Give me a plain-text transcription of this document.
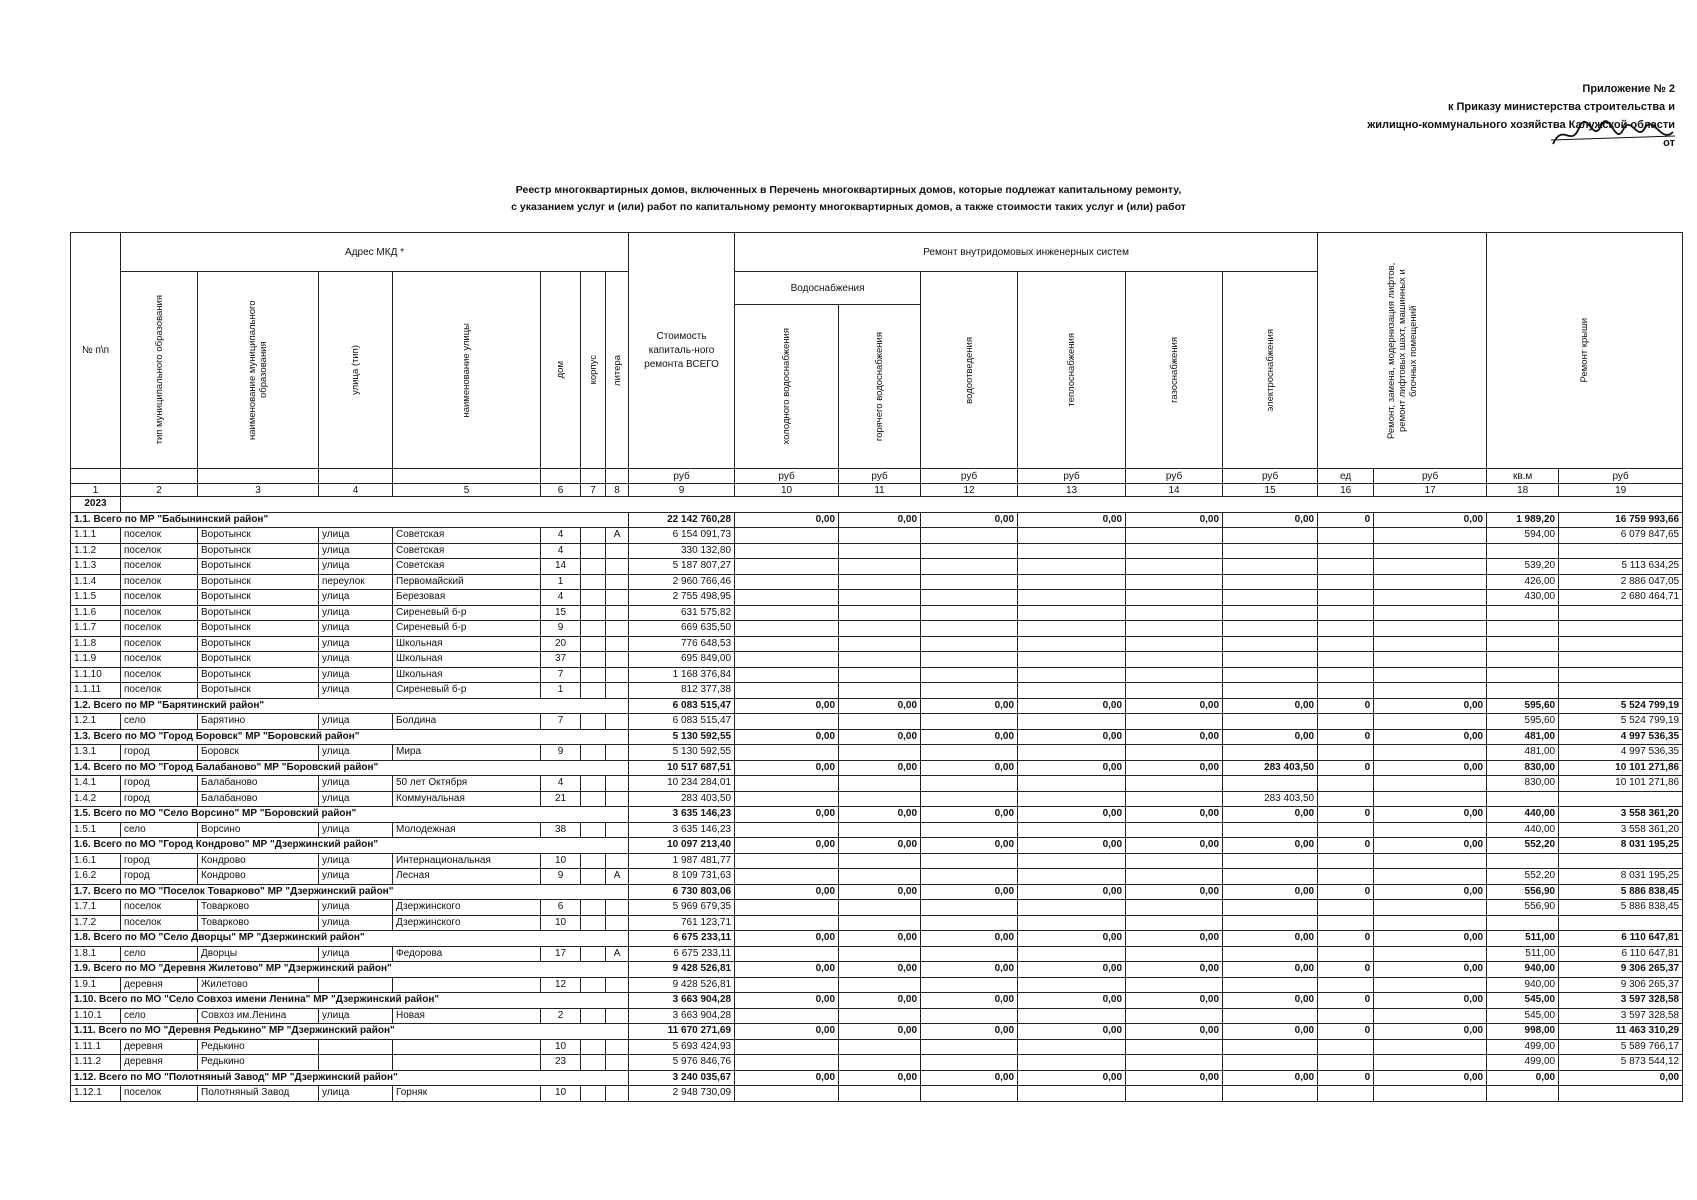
Приложение № 2
к Приказу министерства строительства и
жилищно-коммунального хозяйства Калужской области
от
Реестр многоквартирных домов, включенных в Перечень многоквартирных домов, которые подлежат капитальному ремонту,
с указанием услуг и (или) работ по капитальному ремонту многоквартирных домов, а также стоимости таких услуг и (или) работ
№ п\п	Адрес МКД *							Стоимость капиталь-ного ремонта ВСЕГО	Ремонт внутридомовых инженерных систем						Ремонт, замена, модернизация лифтов, ремонт лифтовых шахт, машинных и блочных помещений		Ремонт крыши	

	тип муниципального образования	наименование муниципального образования	улица (тип)	наименование улицы	дом	корпус	литера		Водоснабжения		водоотведения	теплоснабжения	газоснабжения	электроснабжения				

									холодного водоснабжения	горячего водоснабжения								

								руб	руб	руб	руб	руб	руб	руб	ед	руб	кв.м	руб
1	2	3	4	5	6	7	8	9	10	11	12	13	14	15	16	17	18	19
2023																		
1.1. Всего по МР "Бабынинский район"								22 142 760,28	0,00	0,00	0,00	0,00	0,00	0,00	0	0,00	1 989,20	16 759 993,66
1.1.1	поселок	Воротынск	улица	Советская	4		А	6 154 091,73									594,00	6 079 847,65
1.1.2	поселок	Воротынск	улица	Советская	4			330 132,80										
1.1.3	поселок	Воротынск	улица	Советская	14			5 187 807,27									539,20	5 113 634,25
1.1.4	поселок	Воротынск	переулок	Первомайский	1			2 960 766,46									426,00	2 886 047,05
1.1.5	поселок	Воротынск	улица	Березовая	4			2 755 498,95									430,00	2 680 464,71
1.1.6	поселок	Воротынск	улица	Сиреневый б-р	15			631 575,82										
1.1.7	поселок	Воротынск	улица	Сиреневый б-р	9			669 635,50										
1.1.8	поселок	Воротынск	улица	Школьная	20			776 648,53										
1.1.9	поселок	Воротынск	улица	Школьная	37			695 849,00										
1.1.10	поселок	Воротынск	улица	Школьная	7			1 168 376,84										
1.1.11	поселок	Воротынск	улица	Сиреневый б-р	1			812 377,38										
1.2. Всего по МР "Барятинский район"								6 083 515,47	0,00	0,00	0,00	0,00	0,00	0,00	0	0,00	595,60	5 524 799,19
1.2.1	село	Барятино	улица	Болдина	7			6 083 515,47									595,60	5 524 799,19
1.3. Всего по МО "Город Боровск" МР "Боровский район"								5 130 592,55	0,00	0,00	0,00	0,00	0,00	0,00	0	0,00	481,00	4 997 536,35
1.3.1	город	Боровск	улица	Мира	9			5 130 592,55									481,00	4 997 536,35
1.4. Всего по МО "Город Балабаново" МР "Боровский район"								10 517 687,51	0,00	0,00	0,00	0,00	0,00	283 403,50	0	0,00	830,00	10 101 271,86
1.4.1	город	Балабаново	улица	50 лет Октября	4			10 234 284,01									830,00	10 101 271,86
1.4.2	город	Балабаново	улица	Коммунальная	21			283 403,50						283 403,50				
1.5. Всего по МО "Село Ворсино" МР "Боровский район"								3 635 146,23	0,00	0,00	0,00	0,00	0,00	0,00	0	0,00	440,00	3 558 361,20
1.5.1	село	Ворсино	улица	Молодежная	38			3 635 146,23									440,00	3 558 361,20
1.6. Всего по МО "Город Кондрово" МР "Дзержинский район"								10 097 213,40	0,00	0,00	0,00	0,00	0,00	0,00	0	0,00	552,20	8 031 195,25
1.6.1	город	Кондрово	улица	Интернациональная	10			1 987 481,77										
1.6.2	город	Кондрово	улица	Лесная	9		А	8 109 731,63									552,20	8 031 195,25
1.7. Всего по МО "Поселок Товарково" МР "Дзержинский район"								6 730 803,06	0,00	0,00	0,00	0,00	0,00	0,00	0	0,00	556,90	5 886 838,45
1.7.1	поселок	Товарково	улица	Дзержинского	6			5 969 679,35									556,90	5 886 838,45
1.7.2	поселок	Товарково	улица	Дзержинского	10			761 123,71										
1.8. Всего по МО "Село Дворцы" МР "Дзержинский район"								6 675 233,11	0,00	0,00	0,00	0,00	0,00	0,00	0	0,00	511,00	6 110 647,81
1.8.1	село	Дворцы	улица	Федорова	17		А	6 675 233,11									511,00	6 110 647,81
1.9. Всего по МО "Деревня Жилетово" МР "Дзержинский район"								9 428 526,81	0,00	0,00	0,00	0,00	0,00	0,00	0	0,00	940,00	9 306 265,37
1.9.1	деревня	Жилетово			12			9 428 526,81									940,00	9 306 265,37
1.10. Всего по МО "Село Совхоз имени Ленина" МР "Дзержинский район"								3 663 904,28	0,00	0,00	0,00	0,00	0,00	0,00	0	0,00	545,00	3 597 328,58
1.10.1	село	Совхоз им.Ленина	улица	Новая	2			3 663 904,28									545,00	3 597 328,58
1.11. Всего по МО "Деревня Редькино" МР "Дзержинский район"								11 670 271,69	0,00	0,00	0,00	0,00	0,00	0,00	0	0,00	998,00	11 463 310,29
1.11.1	деревня	Редькино			10			5 693 424,93									499,00	5 589 766,17
1.11.2	деревня	Редькино			23			5 976 846,76									499,00	5 873 544,12
1.12. Всего по МО "Полотняный Завод" МР "Дзержинский район"								3 240 035,67	0,00	0,00	0,00	0,00	0,00	0,00	0	0,00	0,00	0,00
1.12.1	поселок	Полотняный Завод	улица	Горняк	10			2 948 730,09										
